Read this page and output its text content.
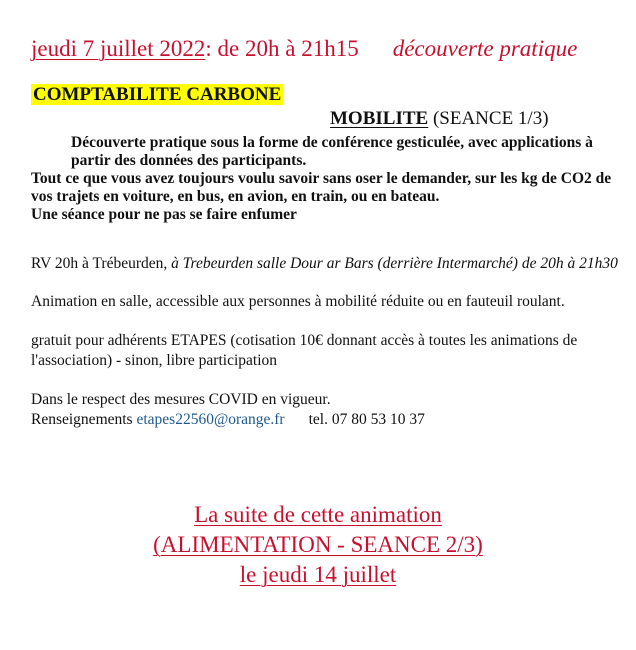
jeudi 7 juillet 2022: de 20h à 21h15 découverte pratique
COMPTABILITE CARBONE
MOBILITE (SEANCE 1/3)

Découverte pratique sous la forme de conférence gesticulée, avec applications à partir des données des participants.

Tout ce que vous avez toujours voulu savoir sans oser le demander, sur les kg de CO2 de vos trajets en voiture, en bus, en avion, en train, ou en bateau.

Une séance pour ne pas se faire enfumer

RV 20h à Trébeurden, à Trebeurden salle Dour ar Bars (derrière Intermarché) de 20h à 21h30
Animation en salle, accessible aux personnes à mobilité réduite ou en fauteuil roulant.
gratuit pour adhérents ETAPES (cotisation 10€ donnant accès à toutes les animations de l'association) - sinon, libre participation
Dans le respect des mesures COVID en vigueur.
Renseignements etapes22560@orange.fr tel. 07 80 53 10 37
La suite de cette animation
(ALIMENTATION - SEANCE 2/3)
le jeudi 14 juillet
